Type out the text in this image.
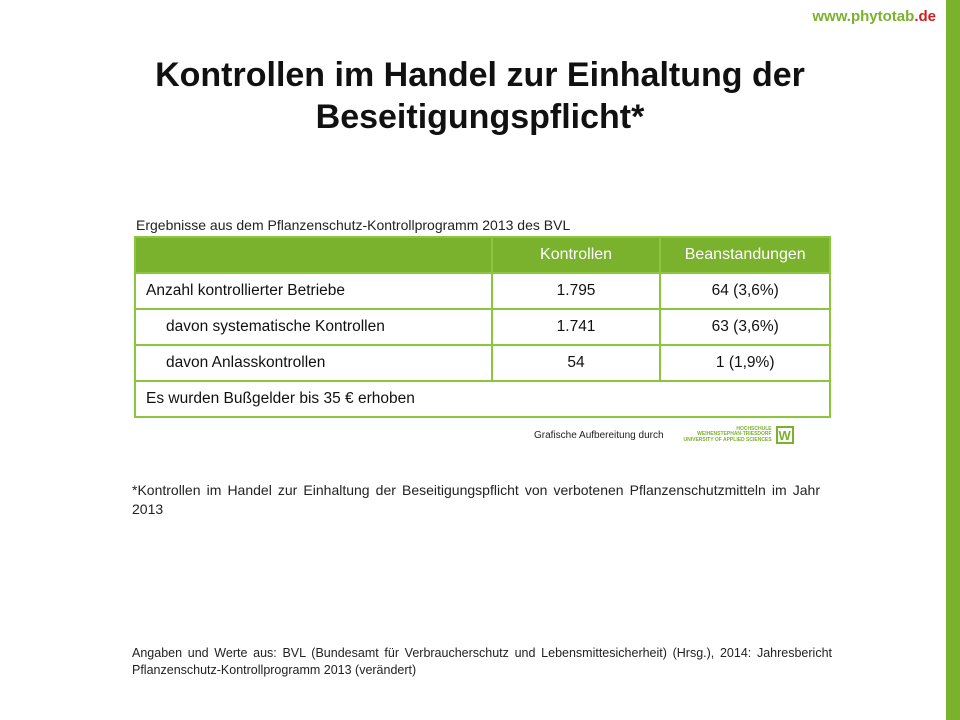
www.phytotab.de
Kontrollen im Handel zur Einhaltung der Beseitigungspflicht*
Ergebnisse aus dem Pflanzenschutz-Kontrollprogramm 2013 des BVL
	Kontrollen	Beanstandungen
Anzahl kontrollierter Betriebe	1.795	64 (3,6%)
davon systematische Kontrollen	1.741	63 (3,6%)
davon Anlasskontrollen	54	1 (1,9%)
Es wurden Bußgelder bis 35 € erhoben		
Grafische Aufbereitung durch
HOCHSCHULE
WEIHENSTEPHAN-TRIESDORF
UNIVERSITY OF APPLIED SCIENCES W
*Kontrollen im Handel zur Einhaltung der Beseitigungspflicht von verbotenen Pflanzenschutzmitteln im Jahr 2013
Angaben und Werte aus: BVL (Bundesamt für Verbraucherschutz und Lebensmittesicherheit) (Hrsg.), 2014: Jahresbericht Pflanzenschutz-Kontrollprogramm 2013 (verändert)
